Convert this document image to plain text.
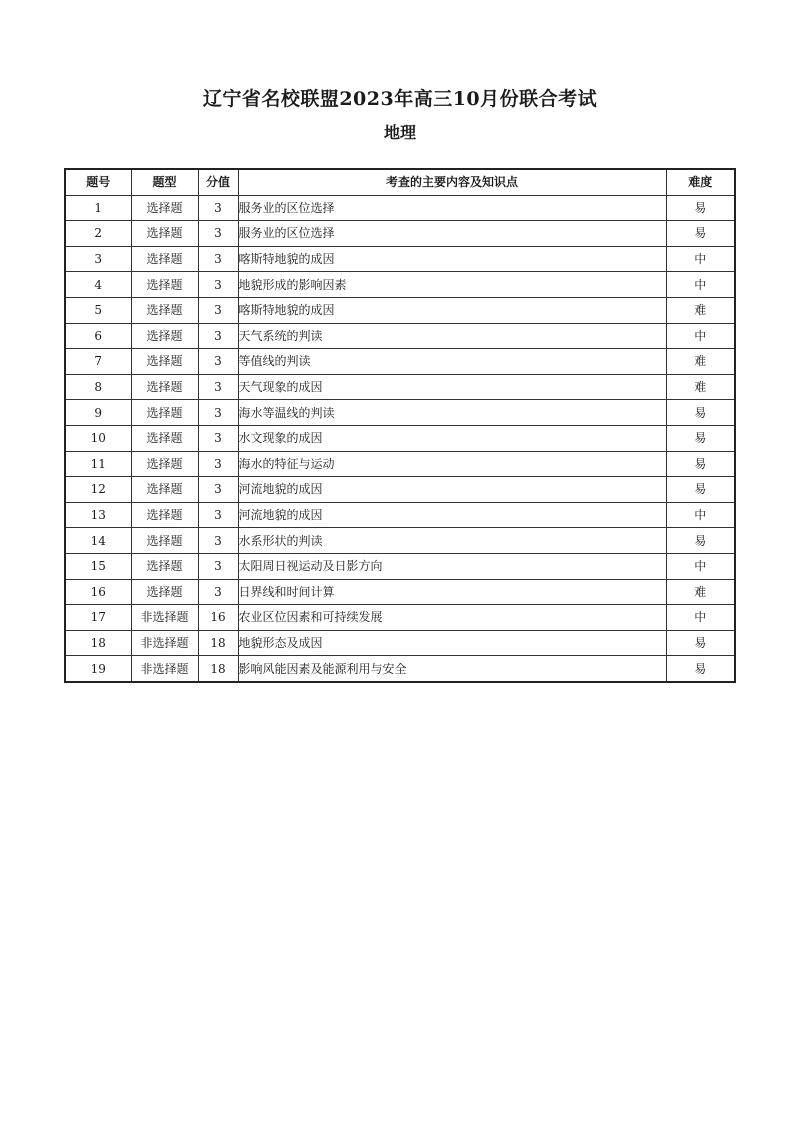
辽宁省名校联盟2023年高三10月份联合考试
地理
题号	题型	分值	考查的主要内容及知识点	难度
1	选择题	3	服务业的区位选择	易
2	选择题	3	服务业的区位选择	易
3	选择题	3	喀斯特地貌的成因	中
4	选择题	3	地貌形成的影响因素	中
5	选择题	3	喀斯特地貌的成因	难
6	选择题	3	天气系统的判读	中
7	选择题	3	等值线的判读	难
8	选择题	3	天气现象的成因	难
9	选择题	3	海水等温线的判读	易
10	选择题	3	水文现象的成因	易
11	选择题	3	海水的特征与运动	易
12	选择题	3	河流地貌的成因	易
13	选择题	3	河流地貌的成因	中
14	选择题	3	水系形状的判读	易
15	选择题	3	太阳周日视运动及日影方向	中
16	选择题	3	日界线和时间计算	难
17	非选择题	16	农业区位因素和可持续发展	中
18	非选择题	18	地貌形态及成因	易
19	非选择题	18	影响风能因素及能源利用与安全	易
